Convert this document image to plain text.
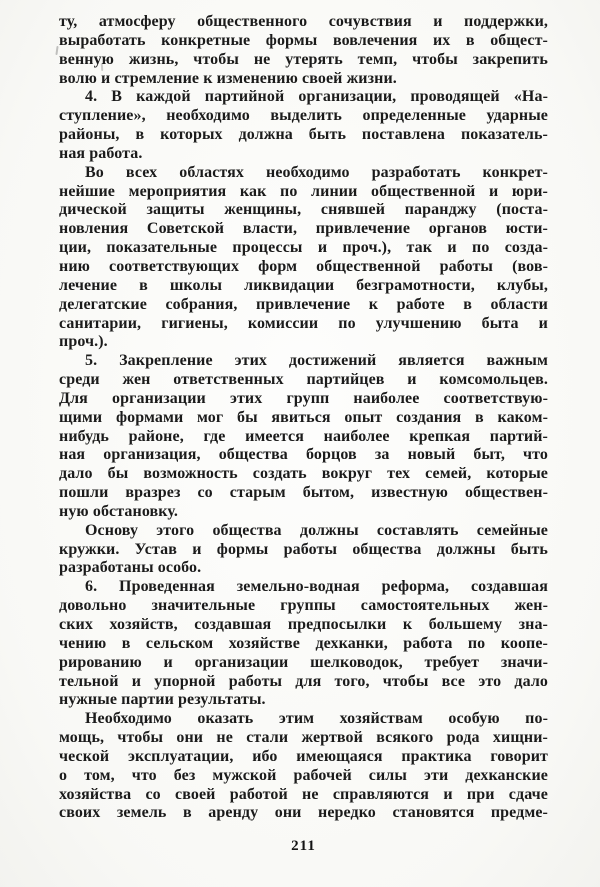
ту, атмосферу общественного сочувствия и поддержки,
выработать конкретные формы вовлечения их в общест-
венную жизнь, чтобы не утерять темп, чтобы закрепить
волю и стремление к изменению своей жизни.
4. В каждой партийной организации, проводящей «На-
ступление», необходимо выделить определенные ударные
районы, в которых должна быть поставлена показатель-
ная работа.
Во всех областях необходимо разработать конкрет-
нейшие мероприятия как по линии общественной и юри-
дической защиты женщины, снявшей паранджу (поста-
новления Советской власти, привлечение органов юсти-
ции, показательные процессы и проч.), так и по созда-
нию соответствующих форм общественной работы (вов-
лечение в школы ликвидации безграмотности, клубы,
делегатские собрания, привлечение к работе в области
санитарии, гигиены, комиссии по улучшению быта и
проч.).
5. Закрепление этих достижений является важным
среди жен ответственных партийцев и комсомольцев.
Для организации этих групп наиболее соответствую-
щими формами мог бы явиться опыт создания в каком-
нибудь районе, где имеется наиболее крепкая партий-
ная организация, общества борцов за новый быт, что
дало бы возможность создать вокруг тех семей, которые
пошли вразрез со старым бытом, известную обществен-
ную обстановку.
Основу этого общества должны составлять семейные
кружки. Устав и формы работы общества должны быть
разработаны особо.
6. Проведенная земельно-водная реформа, создавшая
довольно значительные группы самостоятельных жен-
ских хозяйств, создавшая предпосылки к большему зна-
чению в сельском хозяйстве дехканки, работа по коопе-
рированию и организации шелководок, требует значи-
тельной и упорной работы для того, чтобы все это дало
нужные партии результаты.
Необходимо оказать этим хозяйствам особую по-
мощь, чтобы они не стали жертвой всякого рода хищни-
ческой эксплуатации, ибо имеющаяся практика говорит
о том, что без мужской рабочей силы эти дехканские
хозяйства со своей работой не справляются и при сдаче
своих земель в аренду они нередко становятся предме-
211
